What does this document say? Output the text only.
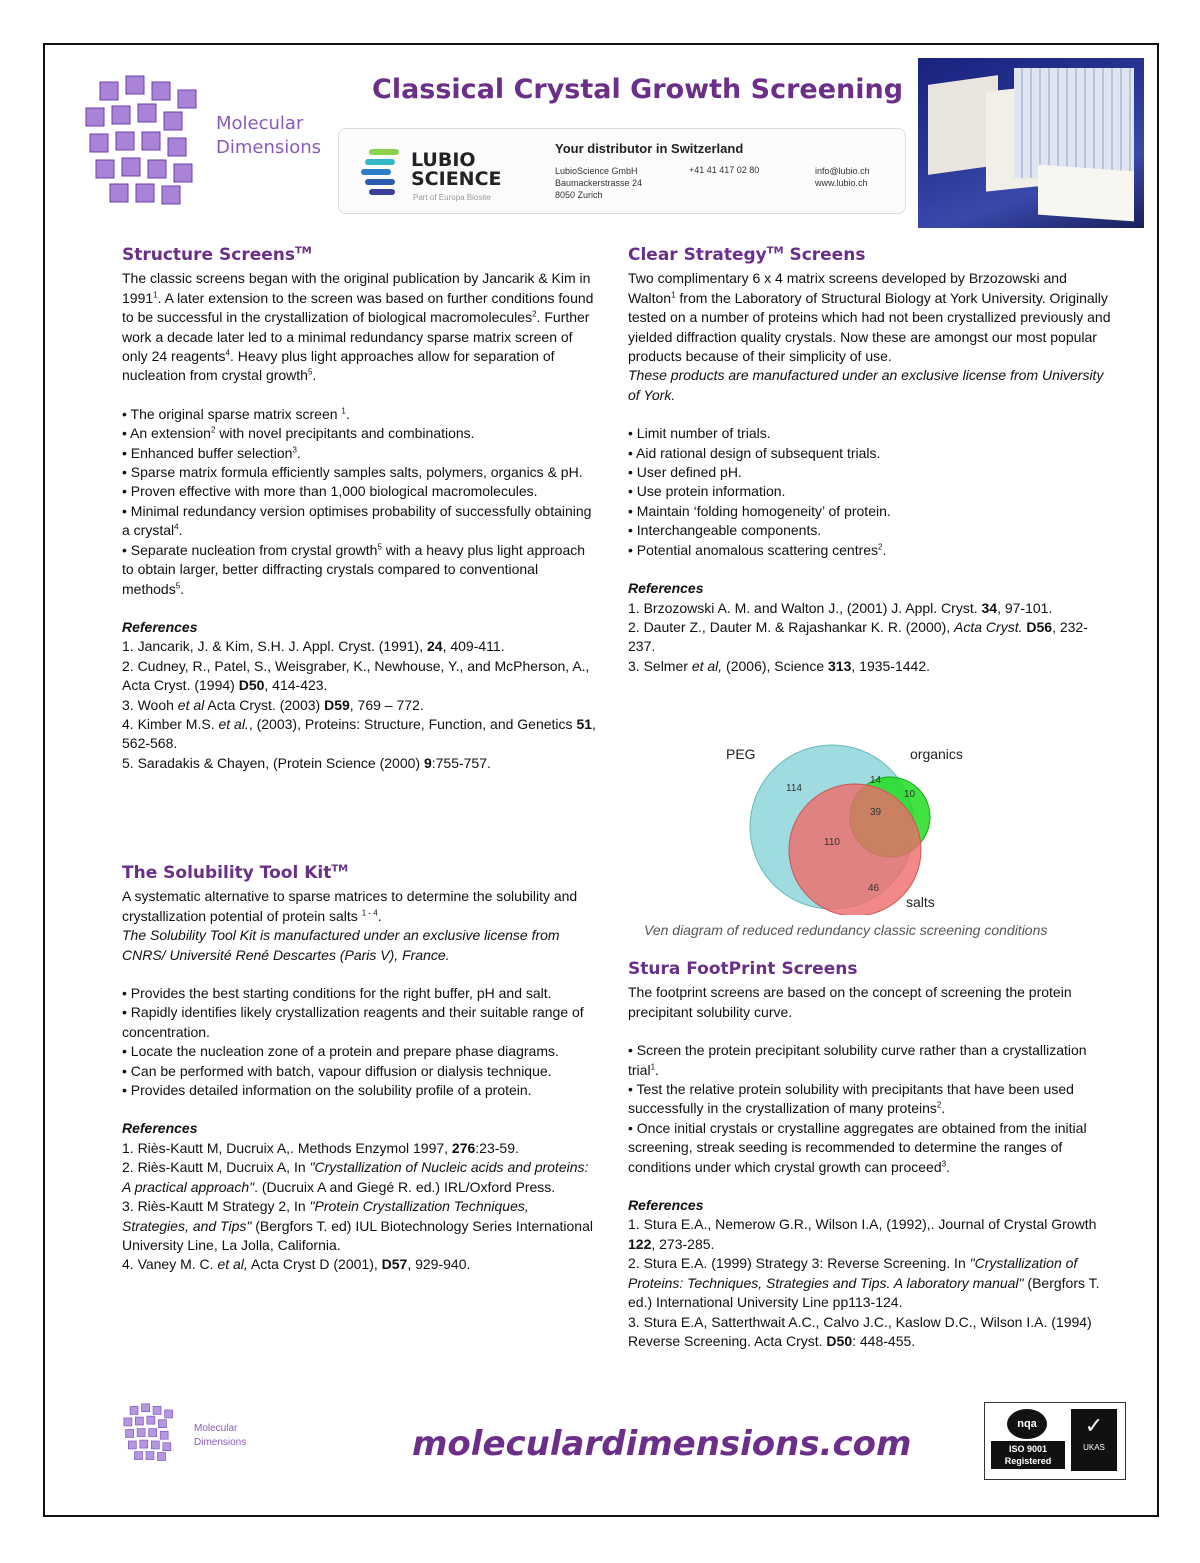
Molecular
Dimensions
Classical Crystal Growth Screening
LUBIO
SCIENCE
Part of Europa Biosite
Your distributor in Switzerland
LubioScience GmbH
Baumackerstrasse 24
8050 Zurich
+41 41 417 02 80	info@lubio.ch
www.lubio.ch
Structure Screens™

The classic screens began with the original publication by Jancarik & Kim in 1991$^1$. A later extension to the screen was based on further conditions found to be successful in the crystallization of biological macromolecules$^2$. Further work a decade later led to a minimal redundancy sparse matrix screen of only 24 reagents$^4$. Heavy plus light approaches allow for separation of nucleation from crystal growth$^5$.

• The original sparse matrix screen $^1$.

• An extension$^2$ with novel precipitants and combinations.

• Enhanced buffer selection$^3$.

• Sparse matrix formula efficiently samples salts, polymers, organics & pH.

• Proven effective with more than 1,000 biological macromolecules.

• Minimal redundancy version optimises probability of successfully obtaining a crystal$^4$.

• Separate nucleation from crystal growth$^5$ with a heavy plus light approach to obtain larger, better diffracting crystals compared to conventional methods$^5$.

References

1. Jancarik, J. & Kim, S.H. J. Appl. Cryst. (1991), 24, 409-411.

2. Cudney, R., Patel, S., Weisgraber, K., Newhouse, Y., and McPherson, A., Acta Cryst. (1994) D50, 414-423.

3. Wooh et al Acta Cryst. (2003) D59, 769 – 772.

4. Kimber M.S. et al., (2003), Proteins: Structure, Function, and Genetics 51, 562-568.

5. Saradakis & Chayen, (Protein Science (2000) 9:755-757.

The Solubility Tool Kit™

A systematic alternative to sparse matrices to determine the solubility and crystallization potential of protein salts $^{1 - 4}$.

The Solubility Tool Kit is manufactured under an exclusive license from CNRS/ Université René Descartes (Paris V), France.

• Provides the best starting conditions for the right buffer, pH and salt.

• Rapidly identifies likely crystallization reagents and their suitable range of concentration.

• Locate the nucleation zone of a protein and prepare phase diagrams.

• Can be performed with batch, vapour diffusion or dialysis technique.

• Provides detailed information on the solubility profile of a protein.

References

1. Riès-Kautt M, Ducruix A,. Methods Enzymol 1997, 276:23-59.

2. Riès-Kautt M, Ducruix A, In "Crystallization of Nucleic acids and proteins: A practical approach". (Ducruix A and Giegé R. ed.) IRL/Oxford Press.

3. Riès-Kautt M Strategy 2, In "Protein Crystallization Techniques, Strategies, and Tips" (Bergfors T. ed) IUL Biotechnology Series International University Line, La Jolla, California.

4. Vaney M. C. et al, Acta Cryst D (2001), D57, 929-940.

Clear Strategy™ Screens

Two complimentary 6 x 4 matrix screens developed by Brzozowski and Walton$^1$ from the Laboratory of Structural Biology at York University. Originally tested on a number of proteins which had not been crystallized previously and yielded diffraction quality crystals. Now these are amongst our most popular products because of their simplicity of use.

These products are manufactured under an exclusive license from University of York.

• Limit number of trials.

• Aid rational design of subsequent trials.

• User defined pH.

• Use protein information.

• Maintain ‘folding homogeneity’ of protein.

• Interchangeable components.

• Potential anomalous scattering centres$^2$.

References

1. Brzozowski A. M. and Walton J., (2001) J. Appl. Cryst. 34, 97-101.

2. Dauter Z., Dauter M. & Rajashankar K. R. (2000), Acta Cryst. D56, 232-237.

3. Selmer et al, (2006), Science 313, 1935-1442.

PEG	organics
salts
114
14
10
39
110
46
Ven diagram of reduced redundancy classic screening conditions
Stura FootPrint Screens

The footprint screens are based on the concept of screening the protein precipitant solubility curve.

• Screen the protein precipitant solubility curve rather than a crystallization trial$^1$.

• Test the relative protein solubility with precipitants that have been used successfully in the crystallization of many proteins$^2$.

• Once initial crystals or crystalline aggregates are obtained from the initial screening, streak seeding is recommended to determine the ranges of conditions under which crystal growth can proceed$^3$.

References

1. Stura E.A., Nemerow G.R., Wilson I.A, (1992),. Journal of Crystal Growth 122, 273-285.

2. Stura E.A. (1999) Strategy 3: Reverse Screening. In "Crystallization of Proteins: Techniques, Strategies and Tips. A laboratory manual" (Bergfors T. ed.) International University Line pp113-124.

3. Stura E.A, Satterthwait A.C., Calvo J.C., Kaslow D.C., Wilson I.A. (1994) Reverse Screening. Acta Cryst. D50: 448-455.

Molecular
Dimensions	moleculardimensions.com	nqa
ISO 9001
Registered
✓
UKAS
